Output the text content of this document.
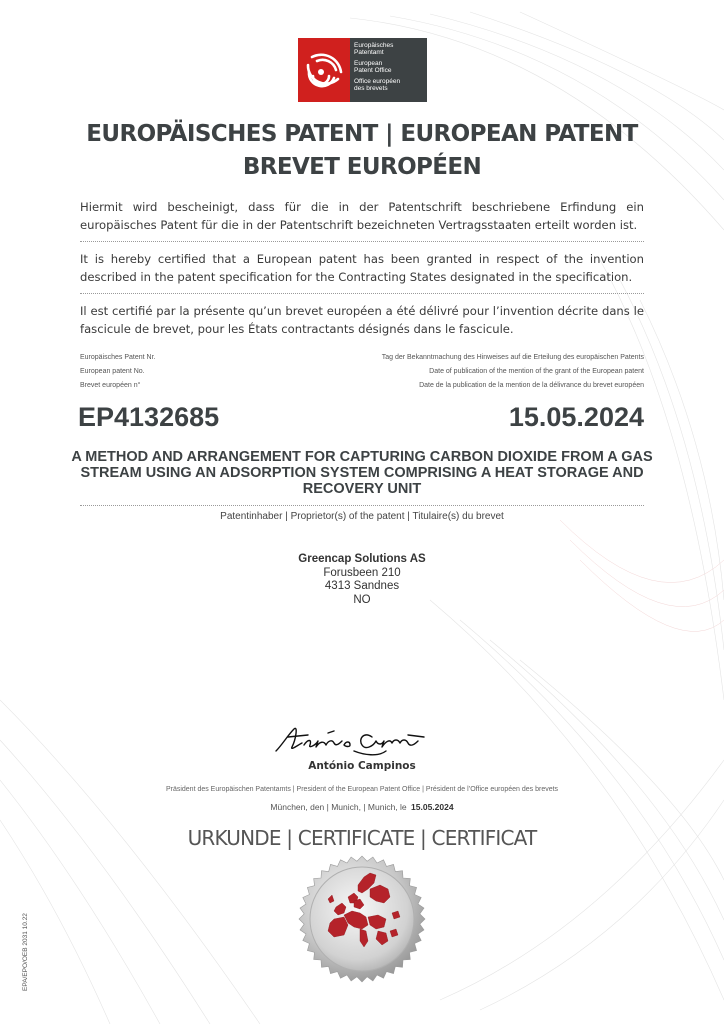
Europäisches
Patentamt
European
Patent Office
Office européen
des brevets
EUROPÄISCHES PATENT | EUROPEAN PATENT
BREVET EUROPÉEN

Hiermit wird bescheinigt, dass für die in der Patentschrift beschriebene Erfindung ein europäisches Patent für die in der Patentschrift bezeichneten Vertragsstaaten erteilt worden ist.

It is hereby certified that a European patent has been granted in respect of the invention described in the patent specification for the Contracting States designated in the specification.

Il est certifié par la présente qu’un brevet européen a été délivré pour l’invention décrite dans le fascicule de brevet, pour les États contractants désignés dans le fascicule.

Europäisches Patent Nr.
European patent No.
Brevet européen n°
Tag der Bekanntmachung des Hinweises auf die Erteilung des europäischen Patents
Date of publication of the mention of the grant of the European patent
Date de la publication de la mention de la délivrance du brevet européen
EP4132685	15.05.2024

A METHOD AND ARRANGEMENT FOR CAPTURING CARBON DIOXIDE FROM A GAS STREAM USING AN ADSORPTION SYSTEM COMPRISING A HEAT STORAGE AND RECOVERY UNIT

Patentinhaber | Proprietor(s) of the patent | Titulaire(s) du brevet
Greencap Solutions AS
Forusbeen 210
4313 Sandnes
NO
António Campinos
Präsident des Europäischen Patentamts | President of the European Patent Office | Président de l’Office européen des brevets
München, den | Munich, | Munich, le 15.05.2024
URKUNDE | CERTIFICATE | CERTIFICAT
EPA/EPO/OEB 2031 10.22
